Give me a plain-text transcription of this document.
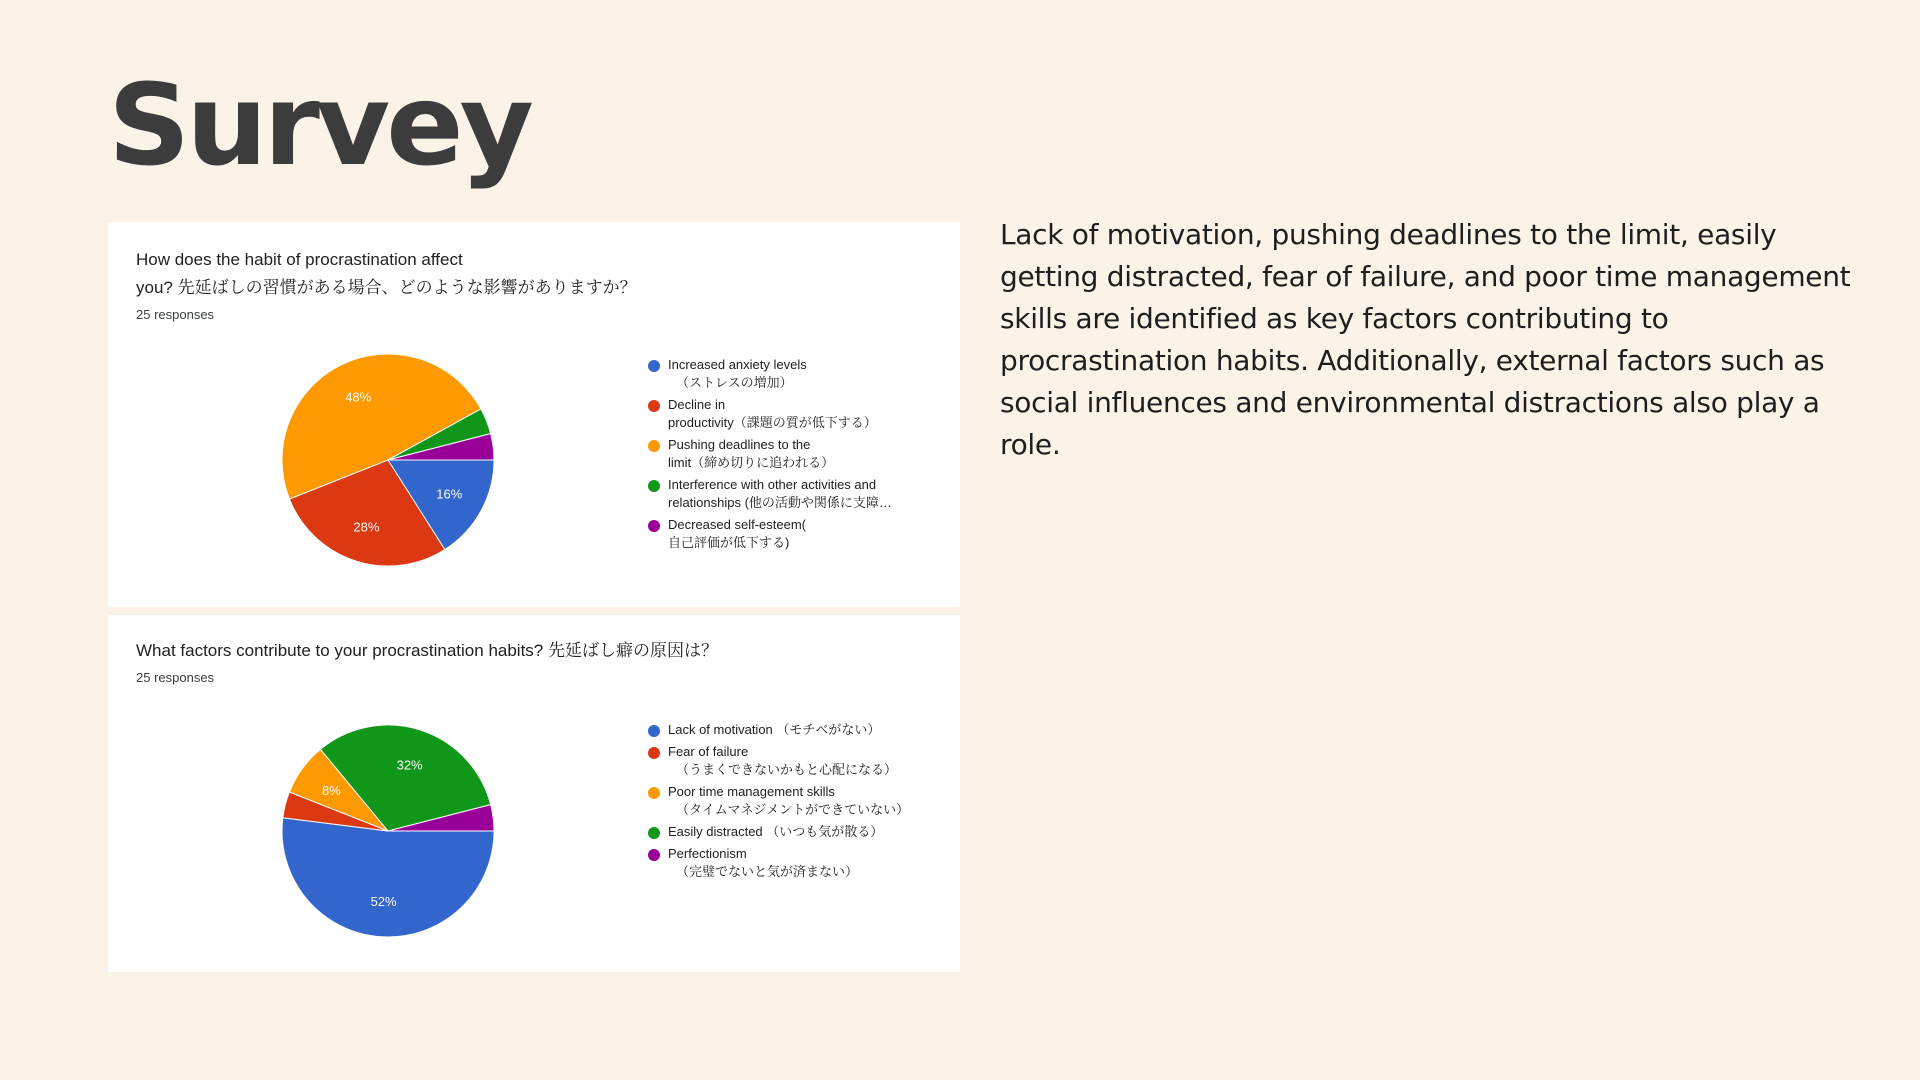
Survey
How does the habit of procrastination affect
you? 先延ばしの習慣がある場合、どのような影響がありますか？
25 responses
16%
28%
48%
Increased anxiety levels
（ストレスの増加）
Decline in
productivity（課題の質が低下する）
Pushing deadlines to the
limit（締め切りに追われる）
Interference with other activities and
relationships (他の活動や関係に支障…
Decreased self-esteem(
自己評価が低下する)
What factors contribute to your procrastination habits? 先延ばし癖の原因は？
25 responses
52%
8%
32%
Lack of motivation （モチベがない）
Fear of failure
（うまくできないかもと心配になる）
Poor time management skills
（タイムマネジメントができていない）
Easily distracted （いつも気が散る）
Perfectionism
（完璧でないと気が済まない）

Lack of motivation, pushing deadlines to the limit, easily getting distracted, fear of failure, and poor time management skills are identified as key factors contributing to procrastination habits. Additionally, external factors such as social influences and environmental distractions also play a role.
